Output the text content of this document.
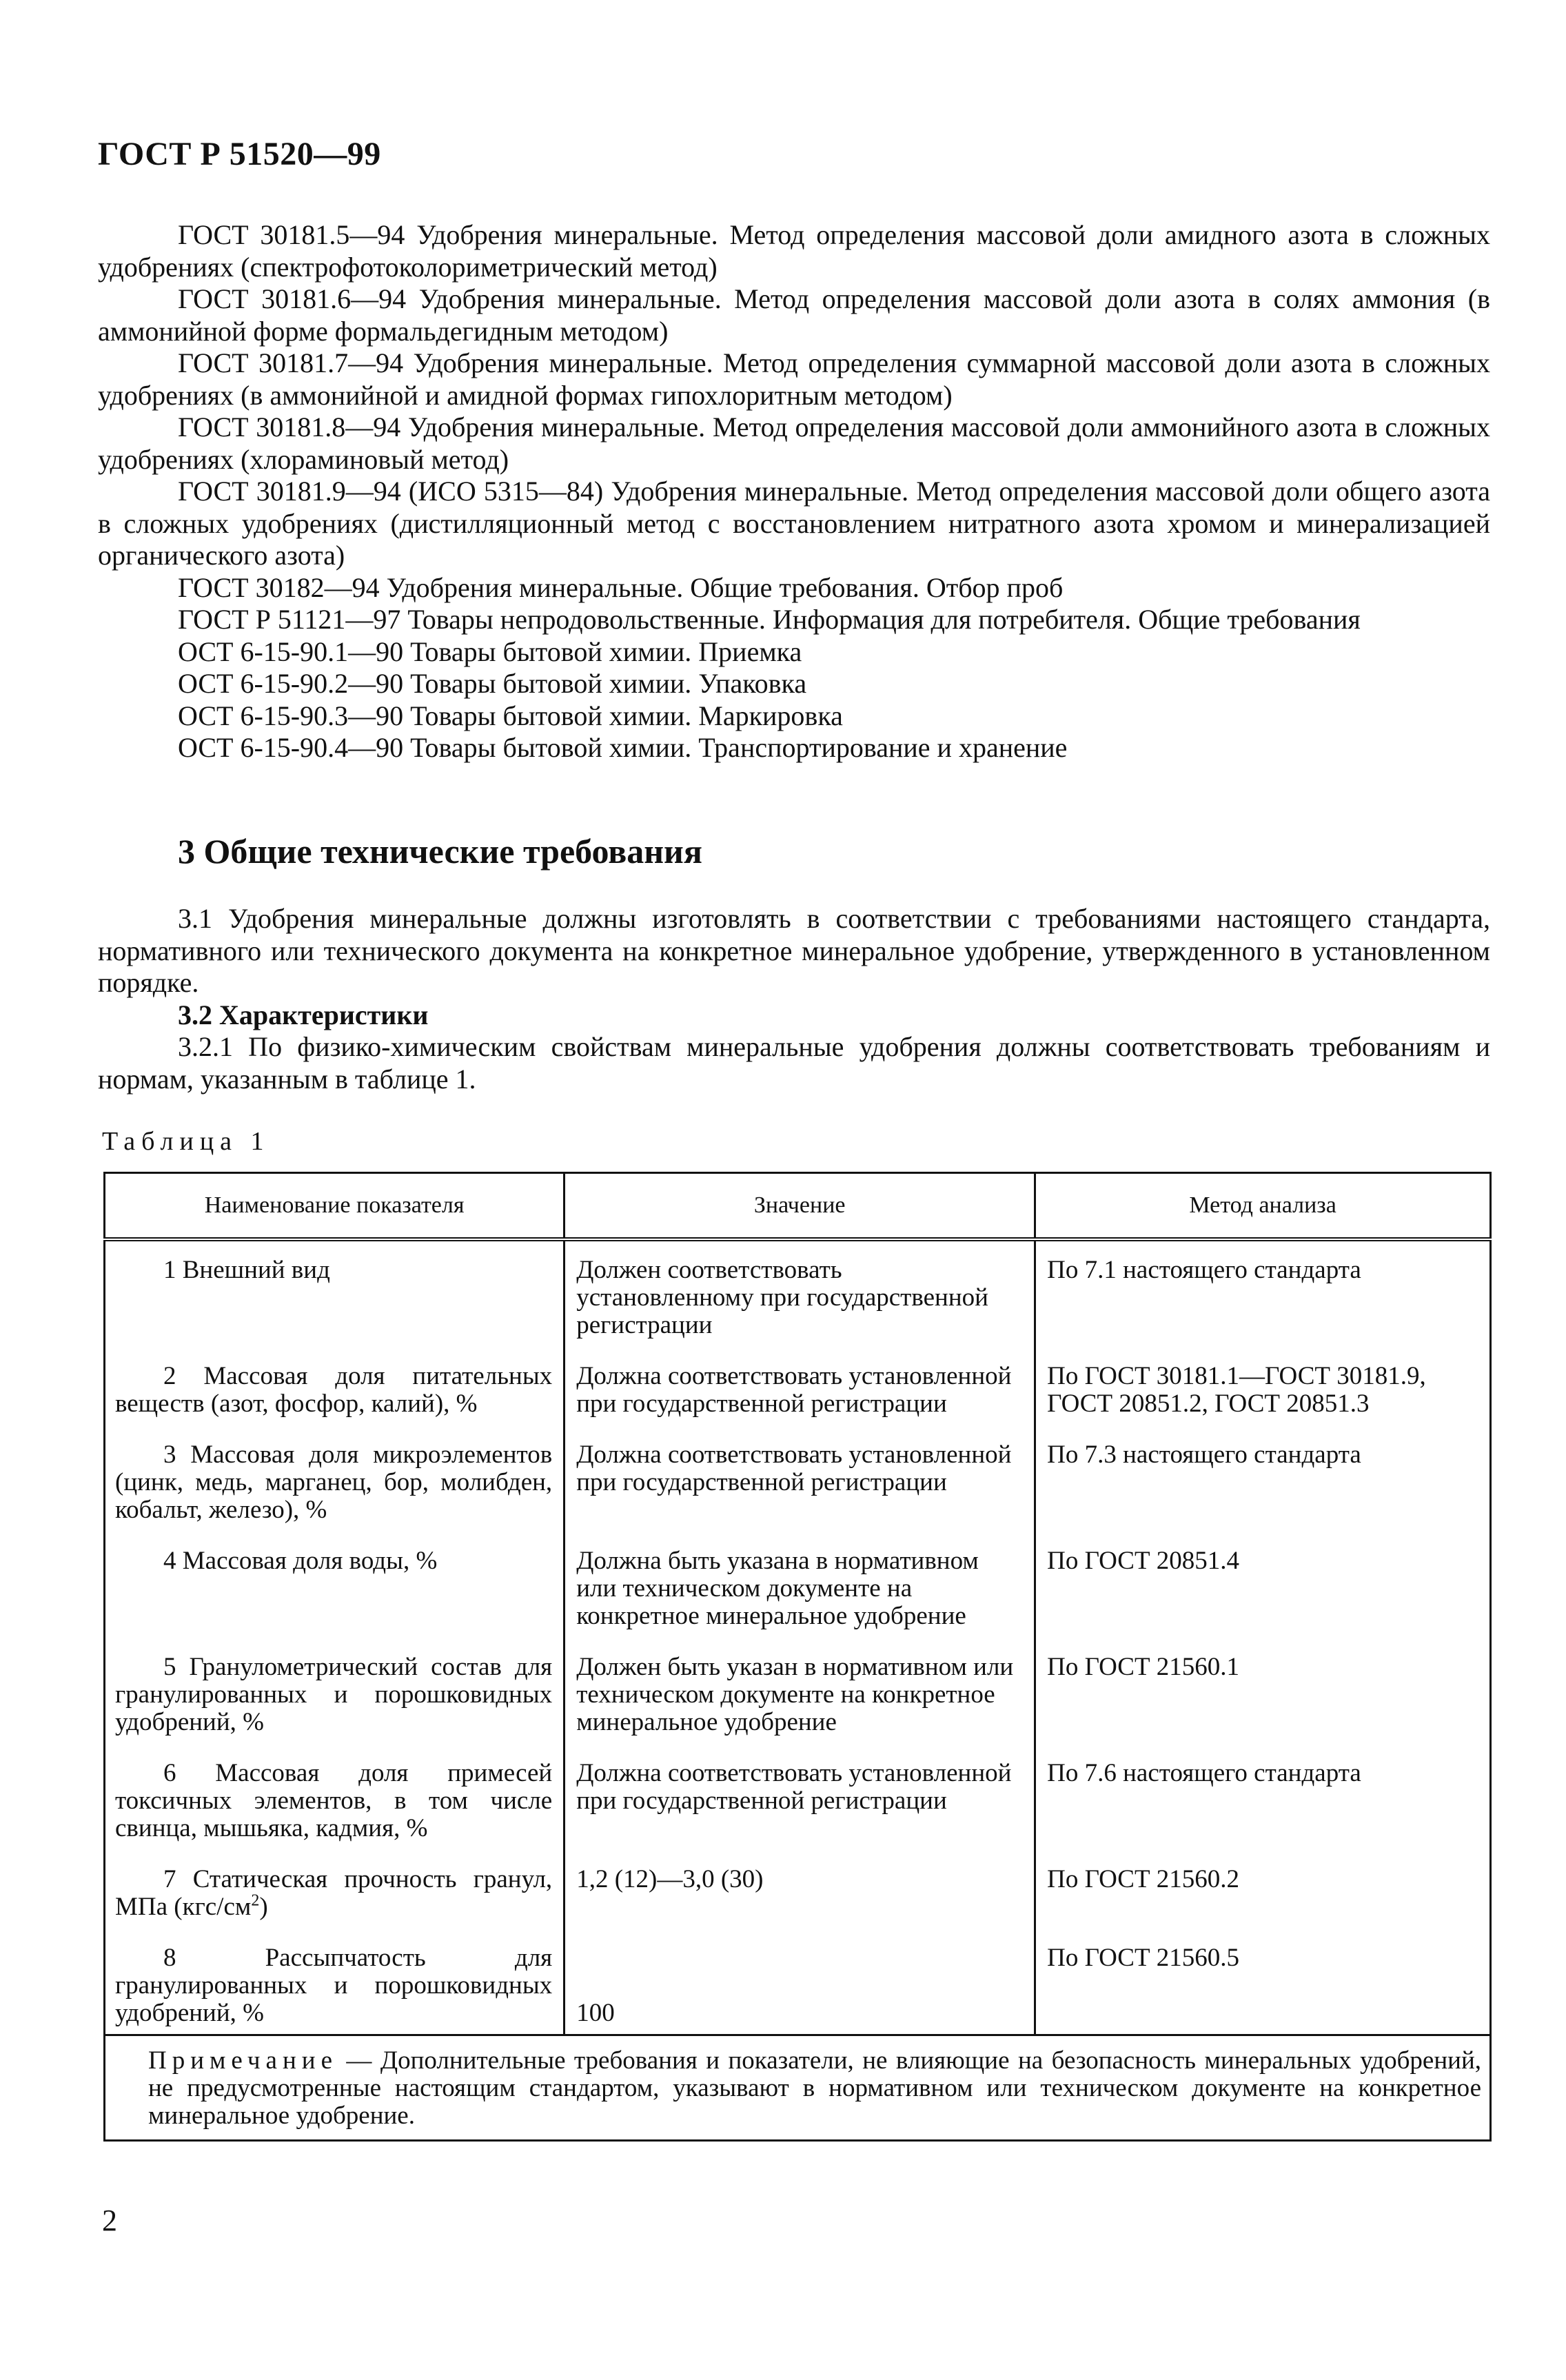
ГОСТ Р 51520—99

ГОСТ 30181.5—94 Удобрения минеральные. Метод определения массовой доли амидного азота в сложных удобрениях (спектрофотоколориметрический метод)

ГОСТ 30181.6—94 Удобрения минеральные. Метод определения массовой доли азота в солях аммония (в аммонийной форме формальдегидным методом)

ГОСТ 30181.7—94 Удобрения минеральные. Метод определения суммарной массовой доли азота в сложных удобрениях (в аммонийной и амидной формах гипохлоритным методом)

ГОСТ 30181.8—94 Удобрения минеральные. Метод определения массовой доли аммонийного азота в сложных удобрениях (хлораминовый метод)

ГОСТ 30181.9—94 (ИСО 5315—84) Удобрения минеральные. Метод определения массовой доли общего азота в сложных удобрениях (дистилляционный метод с восстановлением нитратного азота хромом и минерализацией органического азота)

ГОСТ 30182—94 Удобрения минеральные. Общие требования. Отбор проб

ГОСТ Р 51121—97 Товары непродовольственные. Информация для потребителя. Общие требования

ОСТ 6-15-90.1—90 Товары бытовой химии. Приемка

ОСТ 6-15-90.2—90 Товары бытовой химии. Упаковка

ОСТ 6-15-90.3—90 Товары бытовой химии. Маркировка

ОСТ 6-15-90.4—90 Товары бытовой химии. Транспортирование и хранение

3 Общие технические требования

3.1 Удобрения минеральные должны изготовлять в соответствии с требованиями настоящего стандарта, нормативного или технического документа на конкретное минеральное удобрение, утвержденного в установленном порядке.

3.2 Характеристики

3.2.1 По физико-химическим свойствам минеральные удобрения должны соответствовать требованиям и нормам, указанным в таблице 1.

Таблица 1
Наименование показателя	Значение	Метод анализа
1 Внешний вид	Должен соответствовать установленному при государственной регистрации	По 7.1 настоящего стандарта
2 Массовая доля питательных веществ (азот, фосфор, калий), %	Должна соответствовать установленной при государственной регистрации	По ГОСТ 30181.1—ГОСТ 30181.9, ГОСТ 20851.2, ГОСТ 20851.3
3 Массовая доля микроэлементов (цинк, медь, марганец, бор, молибден, кобальт, железо), %	Должна соответствовать установленной при государственной регистрации	По 7.3 настоящего стандарта
4 Массовая доля воды, %	Должна быть указана в нормативном или техническом документе на конкретное минеральное удобрение	По ГОСТ 20851.4
5 Гранулометрический состав для гранулированных и порошковидных удобрений, %	Должен быть указан в нормативном или техническом документе на конкретное минеральное удобрение	По ГОСТ 21560.1
6 Массовая доля примесей токсичных элементов, в том числе свинца, мышьяка, кадмия, %	Должна соответствовать установленной при государственной регистрации	По 7.6 настоящего стандарта
7 Статическая прочность гранул, МПа $(кгс/см^2)$	1,2 (12)—3,0 (30)	По ГОСТ 21560.2
8 Рассыпчатость для гранулированных и порошковидных удобрений, %	100	По ГОСТ 21560.5
Примечание — Дополнительные требования и показатели, не влияющие на безопасность минеральных удобрений, не предусмотренные настоящим стандартом, указывают в нормативном или техническом документе на конкретное минеральное удобрение.		
2
